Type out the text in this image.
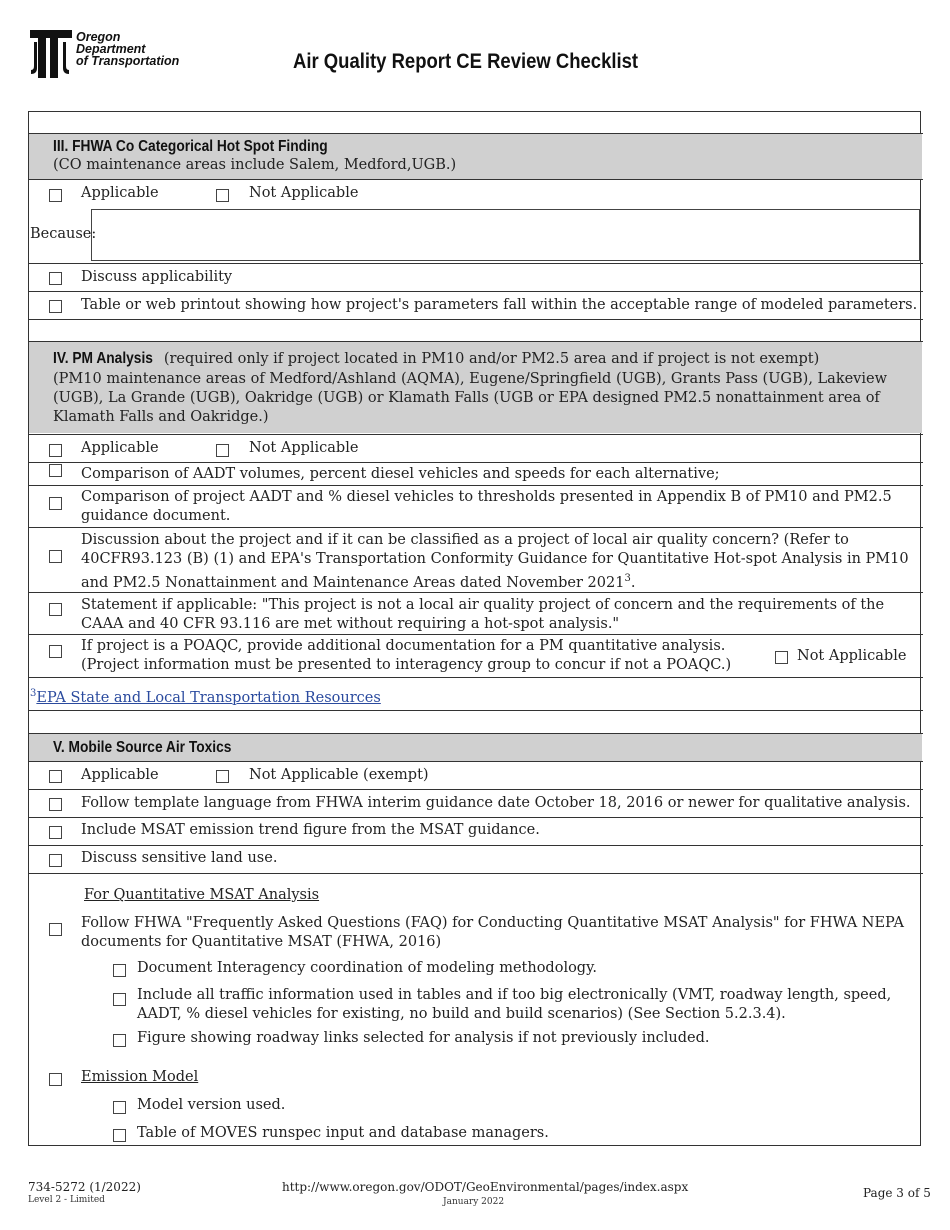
Oregon
Department
of Transportation	Air Quality Report CE Review Checklist
III. FHWA Co Categorical Hot Spot Finding
(CO maintenance areas include Salem, Medford,UGB.)
Applicable	Not Applicable
Because:
Discuss applicability
Table or web printout showing how project's parameters fall within the acceptable range of modeled parameters.
IV. PM Analysis (required only if project located in PM10 and/or PM2.5 area and if project is not exempt)
(PM10 maintenance areas of Medford/Ashland (AQMA), Eugene/Springfield (UGB), Grants Pass (UGB), Lakeview (UGB), La Grande (UGB), Oakridge (UGB) or Klamath Falls (UGB or EPA designed PM2.5 nonattainment area of Klamath Falls and Oakridge.)
Applicable	Not Applicable
Comparison of AADT volumes, percent diesel vehicles and speeds for each alternative;
Comparison of project AADT and % diesel vehicles to thresholds presented in Appendix B of PM10 and PM2.5 guidance document.
Discussion about the project and if it can be classified as a project of local air quality concern? (Refer to 40CFR93.123 (B) (1) and EPA's Transportation Conformity Guidance for Quantitative Hot-spot Analysis in PM10 and PM2.5 Nonattainment and Maintenance Areas dated November 2021$^3$.
Statement if applicable: "This project is not a local air quality project of concern and the requirements of the CAAA and 40 CFR 93.116 are met without requiring a hot-spot analysis."
If project is a POAQC, provide additional documentation for a PM quantitative analysis. (Project information must be presented to interagency group to concur if not a POAQC.)
Not Applicable
$^3$EPA State and Local Transportation Resources
V. Mobile Source Air Toxics
Applicable	Not Applicable (exempt)
Follow template language from FHWA interim guidance date October 18, 2016 or newer for qualitative analysis.
Include MSAT emission trend figure from the MSAT guidance.
Discuss sensitive land use.
For Quantitative MSAT Analysis
Follow FHWA "Frequently Asked Questions (FAQ) for Conducting Quantitative MSAT Analysis" for FHWA NEPA documents for Quantitative MSAT (FHWA, 2016)
Document Interagency coordination of modeling methodology.
Include all traffic information used in tables and if too big electronically (VMT, roadway length, speed, AADT, % diesel vehicles for existing, no build and build scenarios) (See Section 5.2.3.4).
Figure showing roadway links selected for analysis if not previously included.
Emission Model
Model version used.
Table of MOVES runspec input and database managers.
734-5272 (1/2022)
Level 2 - Limited
http://www.oregon.gov/ODOT/GeoEnvironmental/pages/index.aspx
January 2022
Page 3 of 5
